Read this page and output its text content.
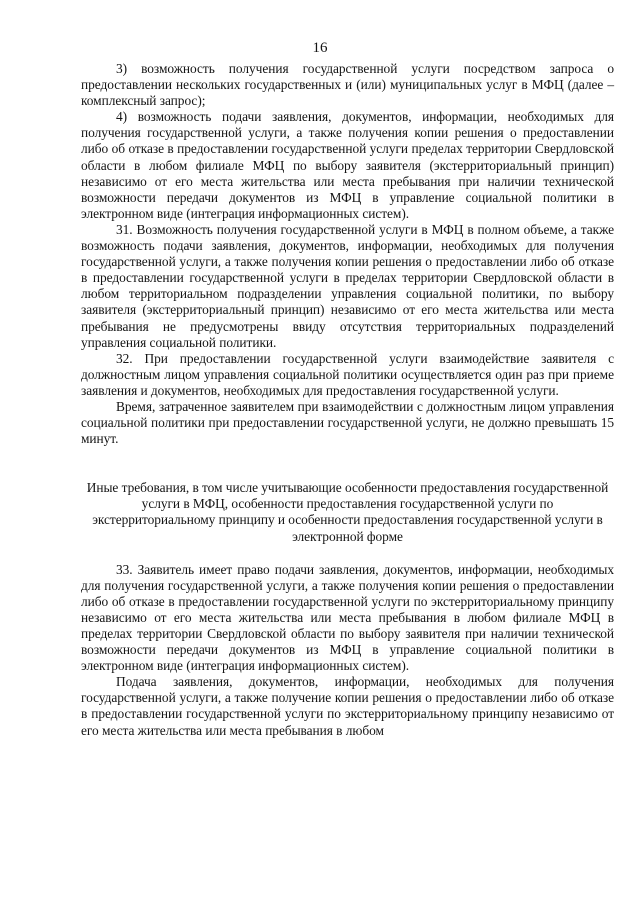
16

3) возможность получения государственной услуги посредством запроса о предоставлении нескольких государственных и (или) муниципальных услуг в МФЦ (далее – комплексный запрос);

4) возможность подачи заявления, документов, информации, необходимых для получения государственной услуги, а также получения копии решения о предоставлении либо об отказе в предоставлении государственной услуги пределах территории Свердловской области в любом филиале МФЦ по выбору заявителя (экстерриториальный принцип) независимо от его места жительства или места пребывания при наличии технической возможности передачи документов из МФЦ в управление социальной политики в электронном виде (интеграция информационных систем).

31. Возможность получения государственной услуги в МФЦ в полном объеме, а также возможность подачи заявления, документов, информации, необходимых для получения государственной услуги, а также получения копии решения о предоставлении либо об отказе в предоставлении государственной услуги в пределах территории Свердловской области в любом территориальном подразделении управления социальной политики, по выбору заявителя (экстерриториальный принцип) независимо от его места жительства или места пребывания не предусмотрены ввиду отсутствия территориальных подразделений управления социальной политики.

32. При предоставлении государственной услуги взаимодействие заявителя с должностным лицом управления социальной политики осуществляется один раз при приеме заявления и документов, необходимых для предоставления государственной услуги.

Время, затраченное заявителем при взаимодействии с должностным лицом управления социальной политики при предоставлении государственной услуги, не должно превышать 15 минут.

Иные требования, в том числе учитывающие особенности предоставления государственной услуги в МФЦ, особенности предоставления государственной услуги по экстерриториальному принципу и особенности предоставления государственной услуги в электронной форме

33. Заявитель имеет право подачи заявления, документов, информации, необходимых для получения государственной услуги, а также получения копии решения о предоставлении либо об отказе в предоставлении государственной услуги по экстерриториальному принципу независимо от его места жительства или места пребывания в любом филиале МФЦ в пределах территории Свердловской области по выбору заявителя при наличии технической возможности передачи документов из МФЦ в управление социальной политики в электронном виде (интеграция информационных систем).

Подача заявления, документов, информации, необходимых для получения государственной услуги, а также получение копии решения о предоставлении либо об отказе в предоставлении государственной услуги по экстерриториальному принципу независимо от его места жительства или места пребывания в любом
